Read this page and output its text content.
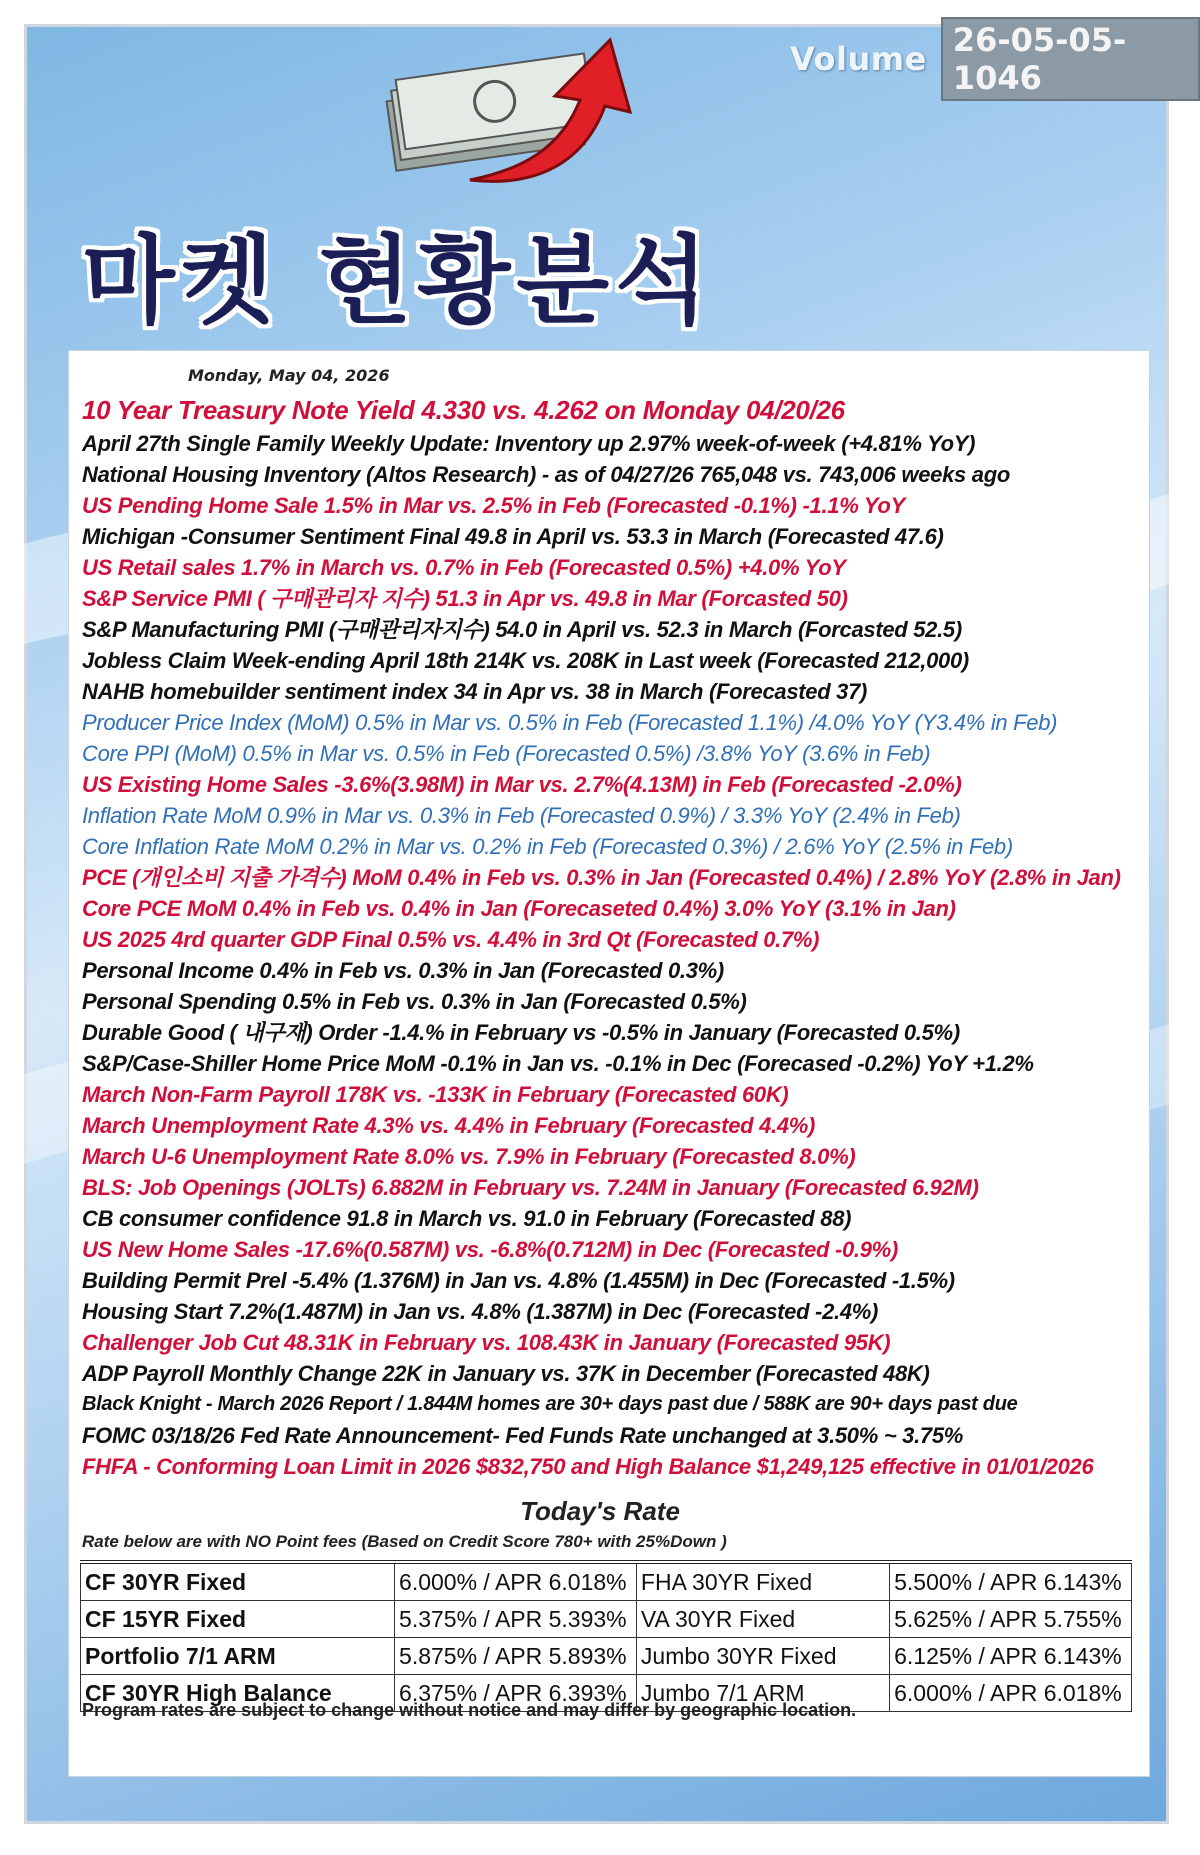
Volume 26-05-05-1046
마켓 현황분석
Monday, May 04, 2026
10 Year Treasury Note Yield 4.330 vs. 4.262 on Monday 04/20/26
April 27th Single Family Weekly Update: Inventory up 2.97% week-of-week (+4.81% YoY)
National Housing Inventory (Altos Research) - as of 04/27/26 765,048 vs. 743,006 weeks ago
US Pending Home Sale 1.5% in Mar vs. 2.5% in Feb (Forecasted -0.1%) -1.1% YoY
Michigan -Consumer Sentiment Final 49.8 in April vs. 53.3 in March (Forecasted 47.6)
US Retail sales 1.7% in March vs. 0.7% in Feb (Forecasted 0.5%) +4.0% YoY
S&P Service PMI ( 구매관리자 지수) 51.3 in Apr vs. 49.8 in Mar (Forcasted 50)
S&P Manufacturing PMI (구매관리자지수) 54.0 in April vs. 52.3 in March (Forcasted 52.5)
Jobless Claim Week-ending April 18th 214K vs. 208K in Last week (Forecasted 212,000)
NAHB homebuilder sentiment index 34 in Apr vs. 38 in March (Forecasted 37)
Producer Price Index (MoM) 0.5% in Mar vs. 0.5% in Feb (Forecasted 1.1%) /4.0% YoY (Y3.4% in Feb)
Core PPI (MoM) 0.5% in Mar vs. 0.5% in Feb (Forecasted 0.5%) /3.8% YoY (3.6% in Feb)
US Existing Home Sales -3.6%(3.98M) in Mar vs. 2.7%(4.13M) in Feb (Forecasted -2.0%)
Inflation Rate MoM 0.9% in Mar vs. 0.3% in Feb (Forecasted 0.9%) / 3.3% YoY (2.4% in Feb)
Core Inflation Rate MoM 0.2% in Mar vs. 0.2% in Feb (Forecasted 0.3%) / 2.6% YoY (2.5% in Feb)
PCE (개인소비 지출 가격수) MoM 0.4% in Feb vs. 0.3% in Jan (Forecasted 0.4%) / 2.8% YoY (2.8% in Jan)
Core PCE MoM 0.4% in Feb vs. 0.4% in Jan (Forecaseted 0.4%) 3.0% YoY (3.1% in Jan)
US 2025 4rd quarter GDP Final 0.5% vs. 4.4% in 3rd Qt (Forecasted 0.7%)
Personal Income 0.4% in Feb vs. 0.3% in Jan (Forecasted 0.3%)
Personal Spending 0.5% in Feb vs. 0.3% in Jan (Forecasted 0.5%)
Durable Good ( 내구재) Order -1.4.% in February vs -0.5% in January (Forecasted 0.5%)
S&P/Case-Shiller Home Price MoM -0.1% in Jan vs. -0.1% in Dec (Forecased -0.2%) YoY +1.2%
March Non-Farm Payroll 178K vs. -133K in February (Forecasted 60K)
March Unemployment Rate 4.3% vs. 4.4% in February (Forecasted 4.4%)
March U-6 Unemployment Rate 8.0% vs. 7.9% in February (Forecasted 8.0%)
BLS: Job Openings (JOLTs) 6.882M in February vs. 7.24M in January (Forecasted 6.92M)
CB consumer confidence 91.8 in March vs. 91.0 in February (Forecasted 88)
US New Home Sales -17.6%(0.587M) vs. -6.8%(0.712M) in Dec (Forecasted -0.9%)
Building Permit Prel -5.4% (1.376M) in Jan vs. 4.8% (1.455M) in Dec (Forecasted -1.5%)
Housing Start 7.2%(1.487M) in Jan vs. 4.8% (1.387M) in Dec (Forecasted -2.4%)
Challenger Job Cut 48.31K in February vs. 108.43K in January (Forecasted 95K)
ADP Payroll Monthly Change 22K in January vs. 37K in December (Forecasted 48K)
Black Knight - March 2026 Report / 1.844M homes are 30+ days past due / 588K are 90+ days past due
FOMC 03/18/26 Fed Rate Announcement- Fed Funds Rate unchanged at 3.50% ~ 3.75%
FHFA - Conforming Loan Limit in 2026 $832,750 and High Balance $1,249,125 effective in 01/01/2026
Today's Rate
Rate below are with NO Point fees (Based on Credit Score 780+ with 25%Down )
CF 30YR Fixed	6.000% / APR 6.018%	FHA 30YR Fixed	5.500% / APR 6.143%
CF 15YR Fixed	5.375% / APR 5.393%	VA 30YR Fixed	5.625% / APR 5.755%
Portfolio 7/1 ARM	5.875% / APR 5.893%	Jumbo 30YR Fixed	6.125% / APR 6.143%
CF 30YR High Balance	6.375% / APR 6.393%	Jumbo 7/1 ARM	6.000% / APR 6.018%
Program rates are subject to change without notice and may differ by geographic location.
